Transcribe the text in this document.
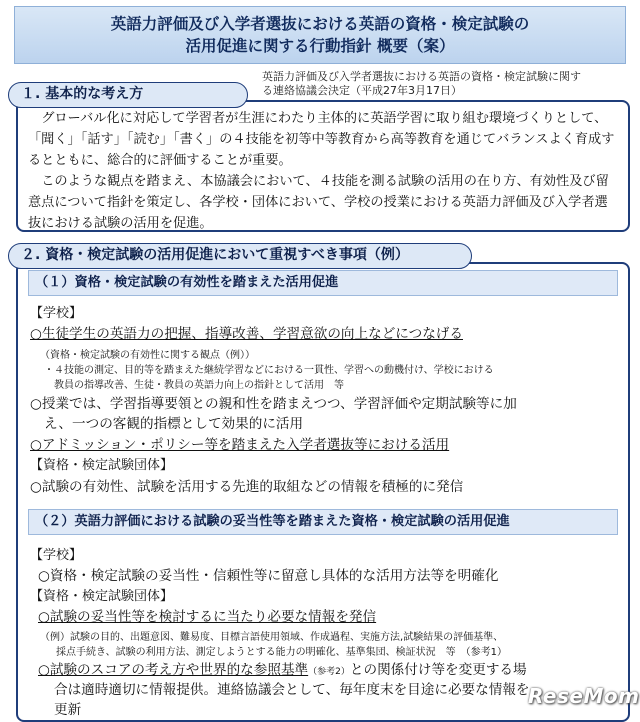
英語力評価及び入学者選抜における英語の資格・検定試験の
活用促進に関する行動指針 概要（案）
英語力評価及び入学者選抜における英語の資格・検定試験に関す
る連絡協議会決定（平成27年3月17日）

グローバル化に対応して学習者が生涯にわたり主体的に英語学習に取り組む環境づくりとして、「聞く」「話す」「読む」「書く」の４技能を初等中等教育から高等教育を通じてバランスよく育成するとともに、総合的に評価することが重要。

このような観点を踏まえ、本協議会において、４技能を測る試験の活用の在り方、有効性及び留意点について指針を策定し、各学校・団体において、学校の授業における英語力評価及び入学者選抜における試験の活用を促進。

１. 基本的な考え方
２. 資格・検定試験の活用促進において重視すべき事項（例）
（１）資格・検定試験の有効性を踏まえた活用促進
【学校】
○生徒学生の英語力の把握、指導改善、学習意欲の向上などにつなげる
（資格・検定試験の有効性に関する観点（例））
・４技能の測定、目的等を踏まえた継続学習などにおける一貫性、学習への動機付け、学校における
教員の指導改善、生徒・教員の英語力向上の指針として活用　等
○授業では、学習指導要領との親和性を踏まえつつ、学習評価や定期試験等に加
え、一つの客観的指標として効果的に活用
○アドミッション・ポリシー等を踏まえた入学者選抜等における活用
【資格・検定試験団体】
○試験の有効性、試験を活用する先進的取組などの情報を積極的に発信
（２）英語力評価における試験の妥当性等を踏まえた資格・検定試験の活用促進
【学校】
○資格・検定試験の妥当性・信頼性等に留意し具体的な活用方法等を明確化
【資格・検定試験団体】
○試験の妥当性等を検討するに当たり必要な情報を発信
（例）試験の目的、出題意図、難易度、目標言語使用領域、作成過程、実施方法,試験結果の評価基準、
採点手続き、試験の利用方法、測定しようとする能力の明確化、基準集団、検証状況　等　（参考1）
○試験のスコアの考え方や世界的な参照基準（参考2）との関係付け等を変更する場
合は適時適切に情報提供。連絡協議会として、毎年度末を目途に必要な情報を
更新
ReseMom
